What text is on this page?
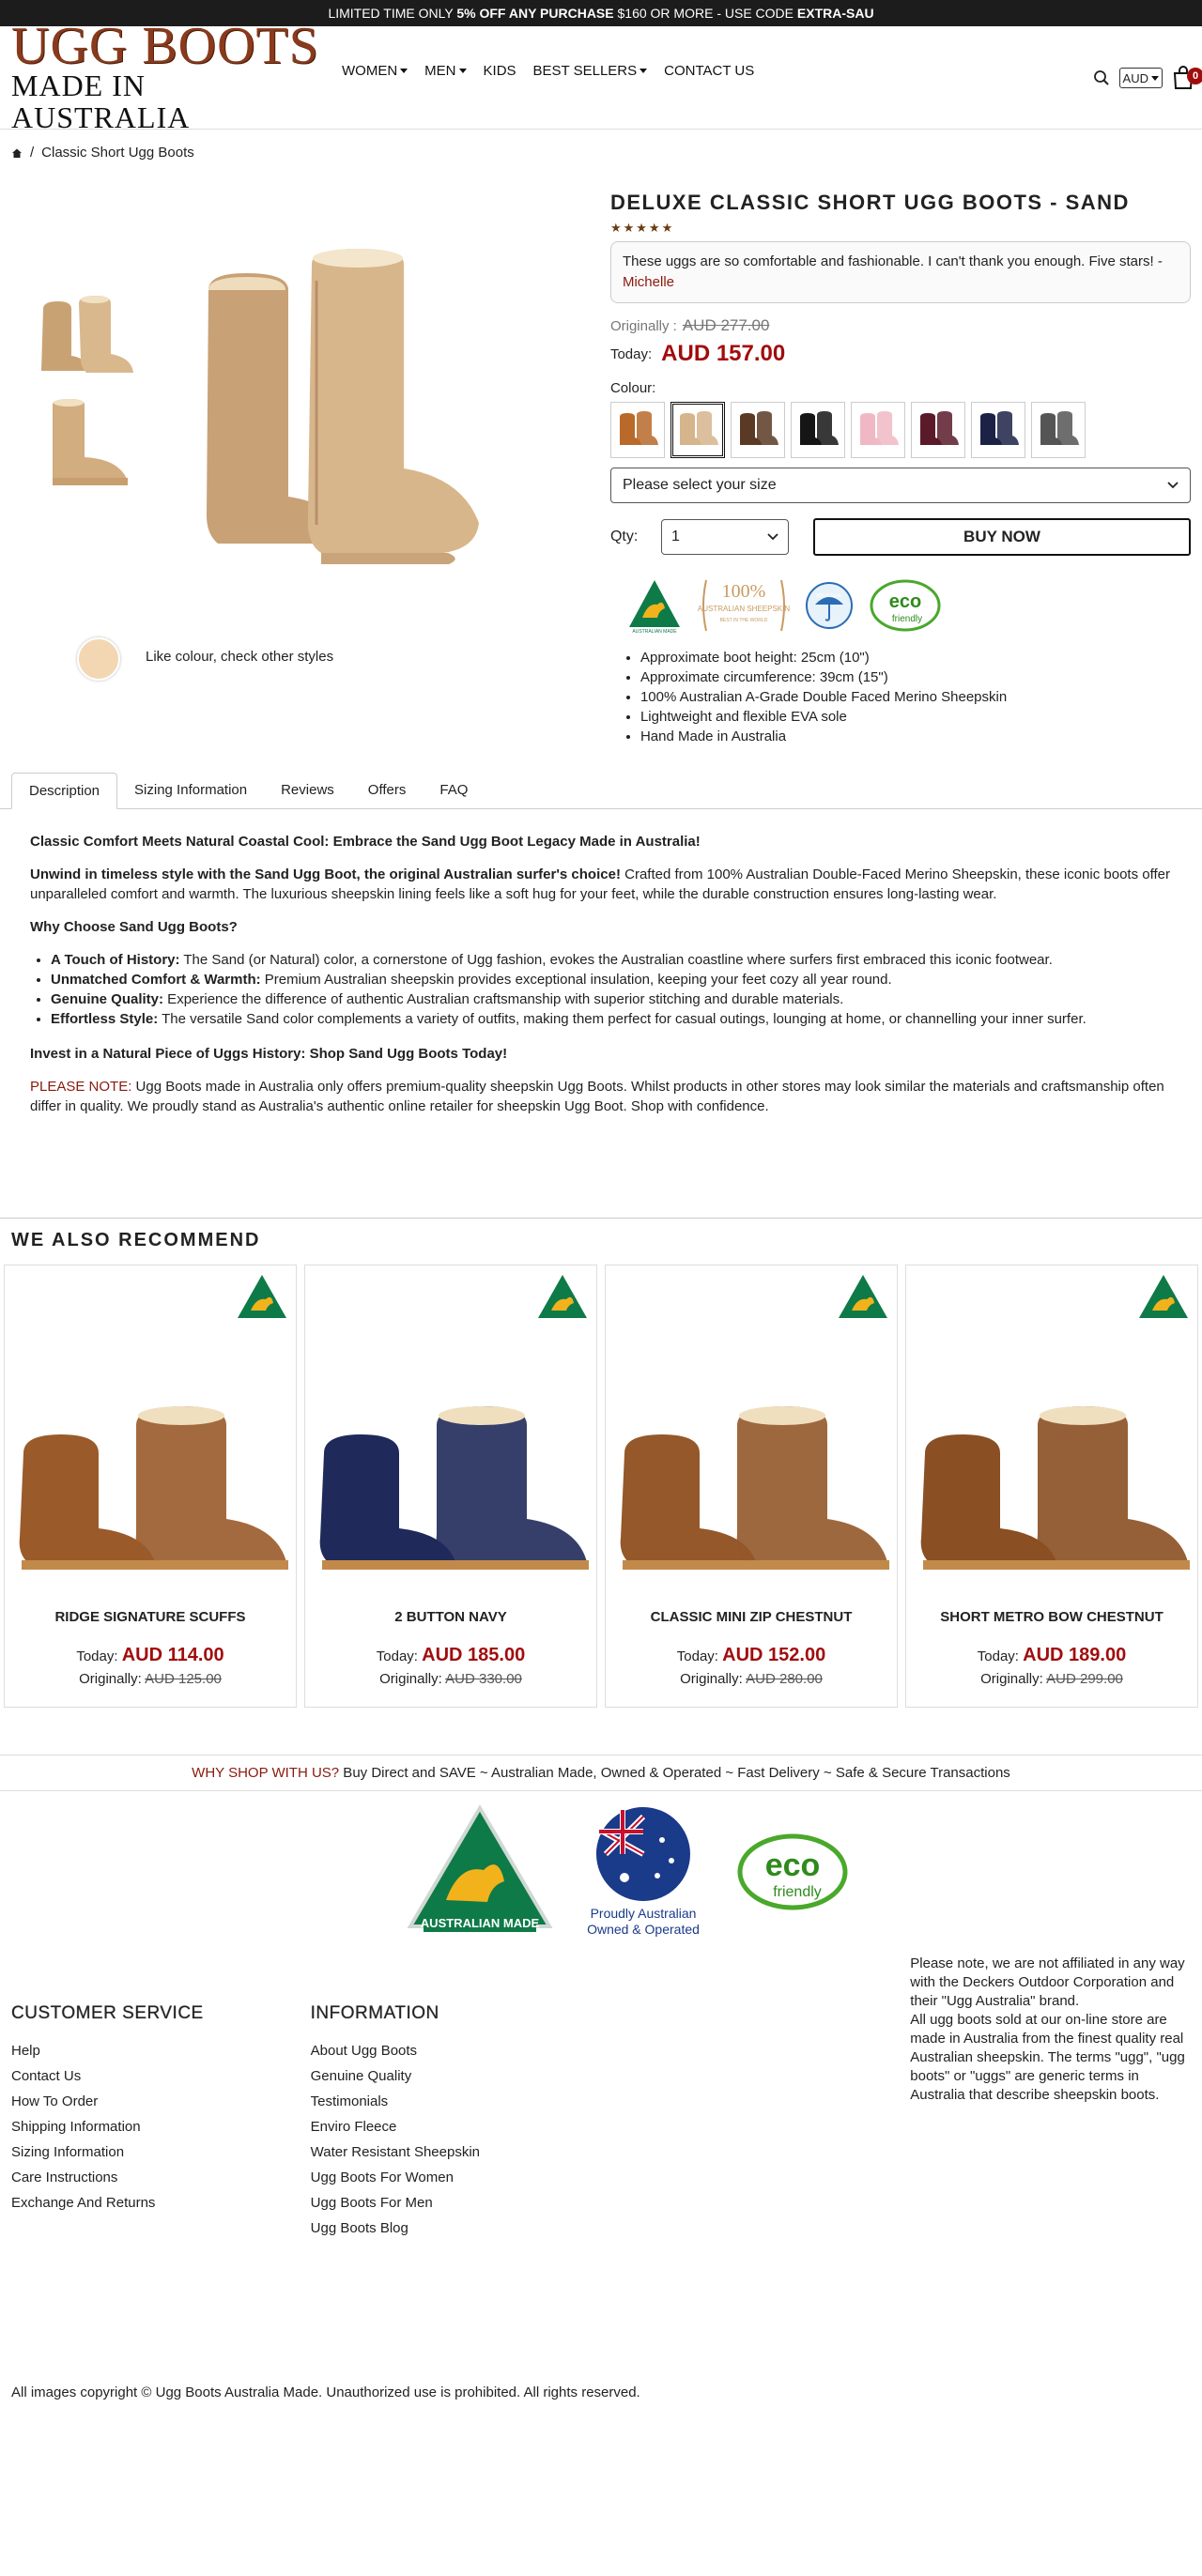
LIMITED TIME ONLY 5% OFF ANY PURCHASE $160 OR MORE - USE CODE EXTRA-SAU
UGG BOOTS
MADE IN AUSTRALIA
WOMEN MEN KIDS BEST SELLERS CONTACT US	AUD	0
/ Classic Short Ugg Boots
Like colour, check other styles
DELUXE CLASSIC SHORT UGG BOOTS - SAND
★★★★★
These uggs are so comfortable and fashionable. I can't thank you enough. Five stars! - Michelle
Originally : AUD 277.00
Today: AUD 157.00
Colour:
Please select your size
Qty:	1	BUY NOW
AUSTRALIAN MADE
100%
AUSTRALIAN SHEEPSKIN
BEST IN THE WORLD
AQUA SEAL eco
friendly
• Approximate boot height: 25cm (10")
• Approximate circumference: 39cm (15")
• 100% Australian A-Grade Double Faced Merino Sheepskin
• Lightweight and flexible EVA sole
• Hand Made in Australia
Description	Sizing Information	Reviews	Offers	FAQ

Classic Comfort Meets Natural Coastal Cool: Embrace the Sand Ugg Boot Legacy Made in Australia!

Unwind in timeless style with the Sand Ugg Boot, the original Australian surfer's choice! Crafted from 100% Australian Double-Faced Merino Sheepskin, these iconic boots offer unparalleled comfort and warmth. The luxurious sheepskin lining feels like a soft hug for your feet, while the durable construction ensures long-lasting wear.

Why Choose Sand Ugg Boots?

• A Touch of History: The Sand (or Natural) color, a cornerstone of Ugg fashion, evokes the Australian coastline where surfers first embraced this iconic footwear.
• Unmatched Comfort & Warmth: Premium Australian sheepskin provides exceptional insulation, keeping your feet cozy all year round.
• Genuine Quality: Experience the difference of authentic Australian craftsmanship with superior stitching and durable materials.
• Effortless Style: The versatile Sand color complements a variety of outfits, making them perfect for casual outings, lounging at home, or channelling your inner surfer.

Invest in a Natural Piece of Uggs History: Shop Sand Ugg Boots Today!

PLEASE NOTE: Ugg Boots made in Australia only offers premium-quality sheepskin Ugg Boots. Whilst products in other stores may look similar the materials and craftsmanship often differ in quality. We proudly stand as Australia's authentic online retailer for sheepskin Ugg Boot. Shop with confidence.

WE ALSO RECOMMEND
RIDGE SIGNATURE SCUFFS
Today: AUD 114.00
Originally: AUD 125.00
2 BUTTON NAVY
Today: AUD 185.00
Originally: AUD 330.00
CLASSIC MINI ZIP CHESTNUT
Today: AUD 152.00
Originally: AUD 280.00
SHORT METRO BOW CHESTNUT
Today: AUD 189.00
Originally: AUD 299.00
WHY SHOP WITH US? Buy Direct and SAVE ~ Australian Made, Owned & Operated ~ Fast Delivery ~ Safe & Secure Transactions
AUSTRALIAN MADE
Proudly Australian
Owned & Operated
eco
friendly
CUSTOMER SERVICE
Help
Contact Us
How To Order
Shipping Information
Sizing Information
Care Instructions
Exchange And Returns
INFORMATION
About Ugg Boots
Genuine Quality
Testimonials
Enviro Fleece
Water Resistant Sheepskin
Ugg Boots For Women
Ugg Boots For Men
Ugg Boots Blog
Please note, we are not affiliated in any way with the Deckers Outdoor Corporation and their "Ugg Australia" brand.
All ugg boots sold at our on-line store are made in Australia from the finest quality real Australian sheepskin. The terms "ugg", "ugg boots" or "uggs" are generic terms in Australia that describe sheepskin boots.
All images copyright © Ugg Boots Australia Made. Unauthorized use is prohibited. All rights reserved.
